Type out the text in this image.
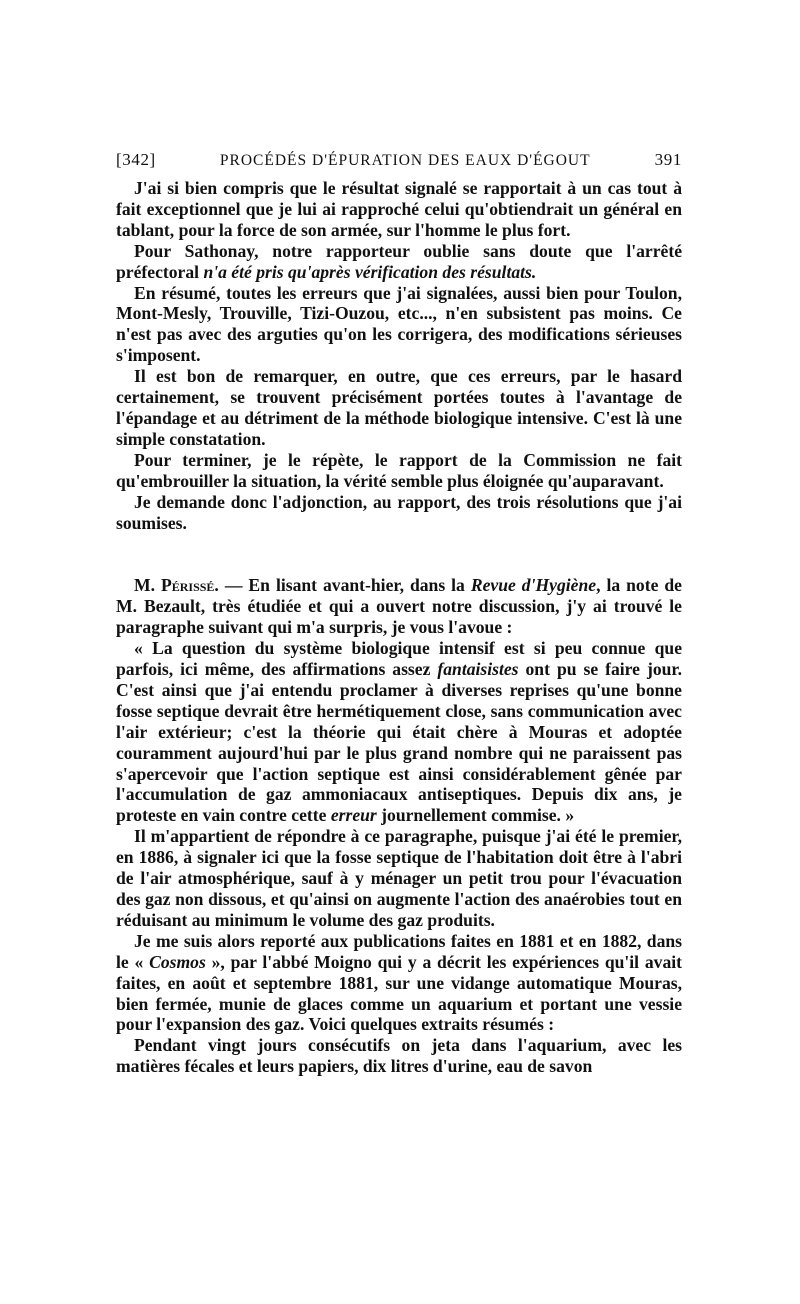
[342]	PROCÉDÉS D'ÉPURATION DES EAUX D'ÉGOUT	391

J'ai si bien compris que le résultat signalé se rapportait à un cas tout à fait exceptionnel que je lui ai rapproché celui qu'obtiendrait un général en tablant, pour la force de son armée, sur l'homme le plus fort.

Pour Sathonay, notre rapporteur oublie sans doute que l'arrêté préfectoral n'a été pris qu'après vérification des résultats.

En résumé, toutes les erreurs que j'ai signalées, aussi bien pour Toulon, Mont-Mesly, Trouville, Tizi-Ouzou, etc..., n'en subsistent pas moins. Ce n'est pas avec des arguties qu'on les corrigera, des modifications sérieuses s'imposent.

Il est bon de remarquer, en outre, que ces erreurs, par le hasard certainement, se trouvent précisément portées toutes à l'avantage de l'épandage et au détriment de la méthode biologique intensive. C'est là une simple constatation.

Pour terminer, je le répète, le rapport de la Commission ne fait qu'embrouiller la situation, la vérité semble plus éloignée qu'auparavant.

Je demande donc l'adjonction, au rapport, des trois résolutions que j'ai soumises.

M. Périssé. — En lisant avant-hier, dans la Revue d'Hygiène, la note de M. Bezault, très étudiée et qui a ouvert notre discussion, j'y ai trouvé le paragraphe suivant qui m'a surpris, je vous l'avoue :

« La question du système biologique intensif est si peu connue que parfois, ici même, des affirmations assez fantaisistes ont pu se faire jour. C'est ainsi que j'ai entendu proclamer à diverses reprises qu'une bonne fosse septique devrait être hermétiquement close, sans communication avec l'air extérieur; c'est la théorie qui était chère à Mouras et adoptée couramment aujourd'hui par le plus grand nombre qui ne paraissent pas s'apercevoir que l'action septique est ainsi considérablement gênée par l'accumulation de gaz ammoniacaux antiseptiques. Depuis dix ans, je proteste en vain contre cette erreur journellement commise. »

Il m'appartient de répondre à ce paragraphe, puisque j'ai été le premier, en 1886, à signaler ici que la fosse septique de l'habitation doit être à l'abri de l'air atmosphérique, sauf à y ménager un petit trou pour l'évacuation des gaz non dissous, et qu'ainsi on augmente l'action des anaérobies tout en réduisant au minimum le volume des gaz produits.

Je me suis alors reporté aux publications faites en 1881 et en 1882, dans le « Cosmos », par l'abbé Moigno qui y a décrit les expériences qu'il avait faites, en août et septembre 1881, sur une vidange automatique Mouras, bien fermée, munie de glaces comme un aquarium et portant une vessie pour l'expansion des gaz. Voici quelques extraits résumés :

Pendant vingt jours consécutifs on jeta dans l'aquarium, avec les matières fécales et leurs papiers, dix litres d'urine, eau de savon
